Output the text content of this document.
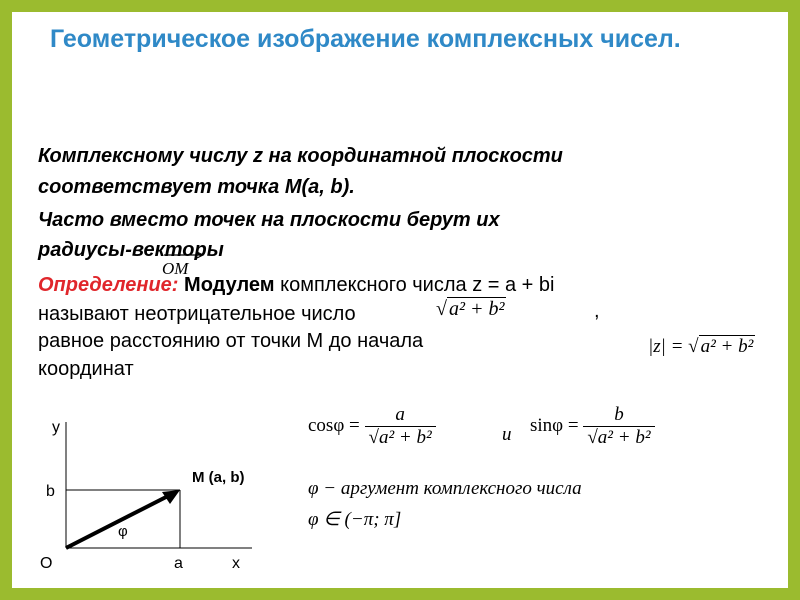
Геометрическое изображение комплексных чисел.
Комплексному числу z на координатной плоскости
соответствует точка M(a, b).
Часто вместо точек на плоскости берут их
радиусы-векторы
OM
Определение: Модулем комплексного числа z = a + bi
называют неотрицательное число	√ a² + b²	,
равное расстоянию от точки М до начала
координат
|z| = √ a² + b²
$\cos\varphi = \frac{a}{\text{√a² + b²}}$	и $\sin\varphi = \frac{b}{\text{√a² + b²}}$
φ − аргумент комплексного числа
φ ∈ (−π; π]
y
x
O
b
a
M (a, b)
φ
